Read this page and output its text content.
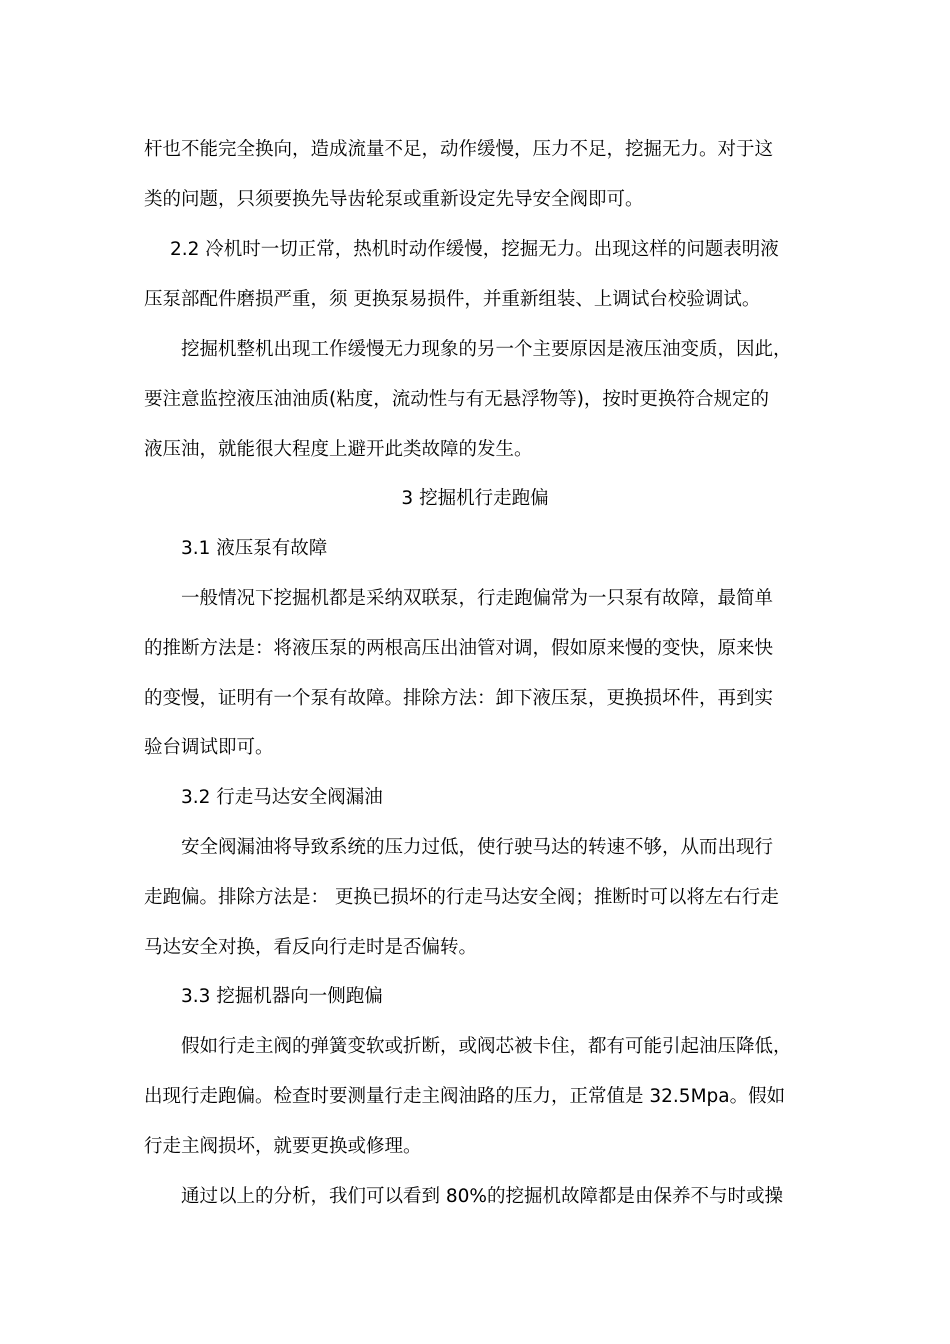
杆也不能完全换向，造成流量不足，动作缓慢，压力不足，挖掘无力。对于这

类的问题，只须要换先导齿轮泵或重新设定先导安全阀即可。

2.2 冷机时一切正常，热机时动作缓慢，挖掘无力。出现这样的问题表明液

压泵部配件磨损严重，须 更换泵易损件，并重新组装、上调试台校验调试。

挖掘机整机出现工作缓慢无力现象的另一个主要原因是液压油变质，因此，

要注意监控液压油油质(粘度，流动性与有无悬浮物等)，按时更换符合规定的

液压油，就能很大程度上避开此类故障的发生。

3 挖掘机行走跑偏

3.1 液压泵有故障

一般情况下挖掘机都是采纳双联泵，行走跑偏常为一只泵有故障，最简单

的推断方法是：将液压泵的两根高压出油管对调，假如原来慢的变快，原来快

的变慢，证明有一个泵有故障。排除方法：卸下液压泵，更换损坏件，再到实

验台调试即可。

3.2 行走马达安全阀漏油

安全阀漏油将导致系统的压力过低，使行驶马达的转速不够，从而出现行

走跑偏。排除方法是： 更换已损坏的行走马达安全阀；推断时可以将左右行走

马达安全对换，看反向行走时是否偏转。

3.3 挖掘机器向一侧跑偏

假如行走主阀的弹簧变软或折断，或阀芯被卡住，都有可能引起油压降低，

出现行走跑偏。检查时要测量行走主阀油路的压力，正常值是 32.5Mpa。假如

行走主阀损坏，就要更换或修理。

通过以上的分析，我们可以看到 80%的挖掘机故障都是由保养不与时或操
